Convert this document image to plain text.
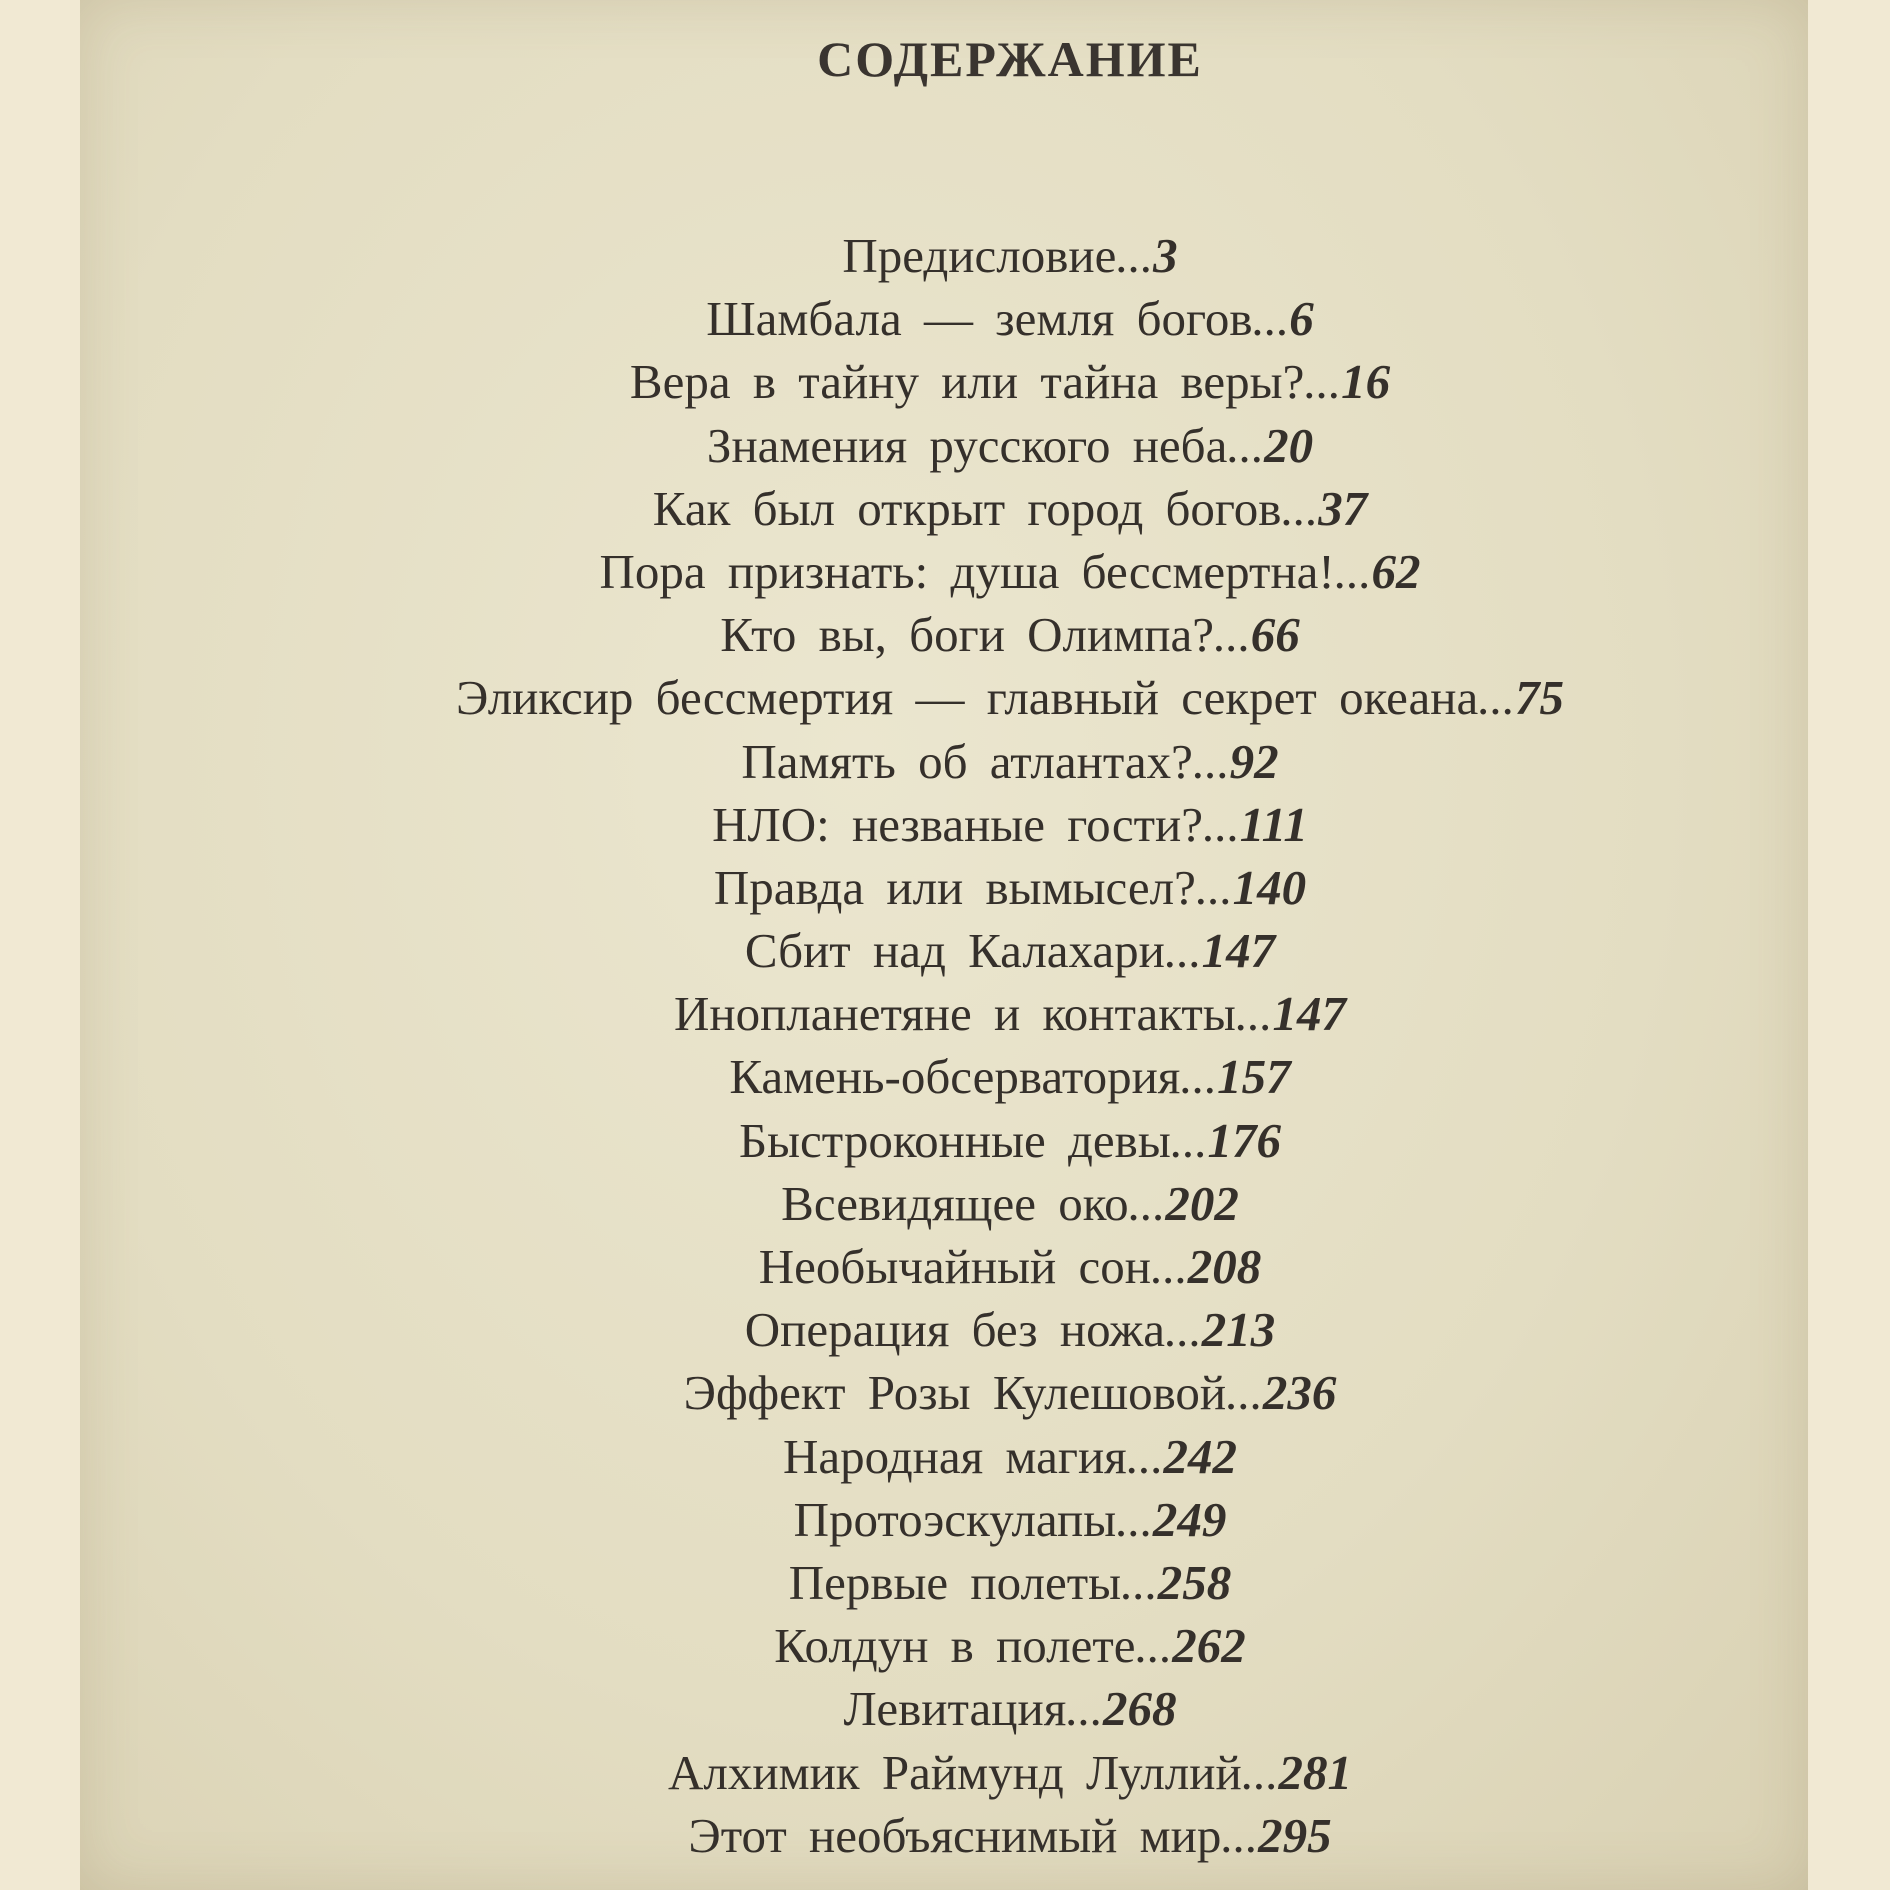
СОДЕРЖАНИЕ
Предисловие...3
Шамбала — земля богов...6
Вера в тайну или тайна веры?...16
Знамения русского неба...20
Как был открыт город богов...37
Пора признать: душа бессмертна!...62
Кто вы, боги Олимпа?...66
Эликсир бессмертия — главный секрет океана...75
Память об атлантах?...92
НЛО: незваные гости?...111
Правда или вымысел?...140
Сбит над Калахари...147
Инопланетяне и контакты...147
Камень-обсерватория...157
Быстроконные девы...176
Всевидящее око...202
Необычайный сон...208
Операция без ножа...213
Эффект Розы Кулешовой...236
Народная магия...242
Протоэскулапы...249
Первые полеты...258
Колдун в полете...262
Левитация...268
Алхимик Раймунд Луллий...281
Этот необъяснимый мир...295
